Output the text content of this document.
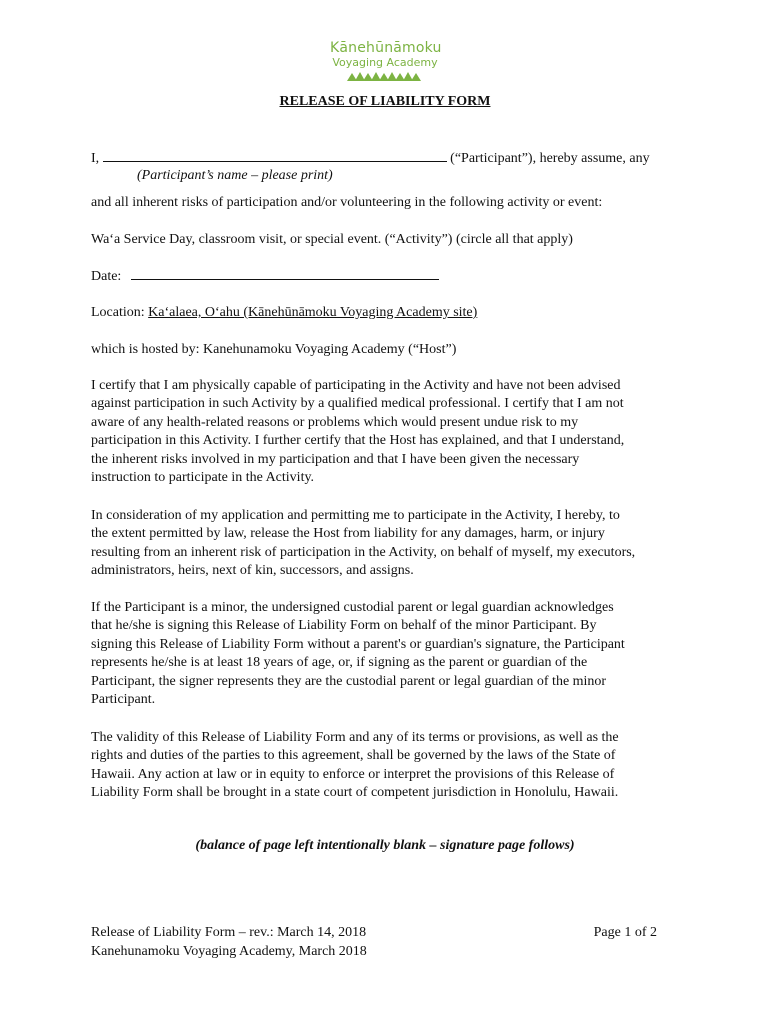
Kānehūnāmoku
Voyaging Academy
RELEASE OF LIABILITY FORM
I,	(“Participant”), hereby assume, any
(Participant’s name – please print)
and all inherent risks of participation and/or volunteering in the following activity or event:
Waʻa Service Day, classroom visit, or special event. (“Activity”) (circle all that apply)
Date:
Location: Kaʻalaea, Oʻahu (Kānehūnāmoku Voyaging Academy site)
which is hosted by: Kanehunamoku Voyaging Academy (“Host”)
I certify that I am physically capable of participating in the Activity and have not been advised
against participation in such Activity by a qualified medical professional. I certify that I am not
aware of any health-related reasons or problems which would present undue risk to my
participation in this Activity. I further certify that the Host has explained, and that I understand,
the inherent risks involved in my participation and that I have been given the necessary
instruction to participate in the Activity.
In consideration of my application and permitting me to participate in the Activity, I hereby, to
the extent permitted by law, release the Host from liability for any damages, harm, or injury
resulting from an inherent risk of participation in the Activity, on behalf of myself, my executors,
administrators, heirs, next of kin, successors, and assigns.
If the Participant is a minor, the undersigned custodial parent or legal guardian acknowledges
that he/she is signing this Release of Liability Form on behalf of the minor Participant. By
signing this Release of Liability Form without a parent's or guardian's signature, the Participant
represents he/she is at least 18 years of age, or, if signing as the parent or guardian of the
Participant, the signer represents they are the custodial parent or legal guardian of the minor
Participant.
The validity of this Release of Liability Form and any of its terms or provisions, as well as the
rights and duties of the parties to this agreement, shall be governed by the laws of the State of
Hawaii. Any action at law or in equity to enforce or interpret the provisions of this Release of
Liability Form shall be brought in a state court of competent jurisdiction in Honolulu, Hawaii.
(balance of page left intentionally blank – signature page follows)
Release of Liability Form – rev.: March 14, 2018
Kanehunamoku Voyaging Academy, March 2018
Page 1 of 2
